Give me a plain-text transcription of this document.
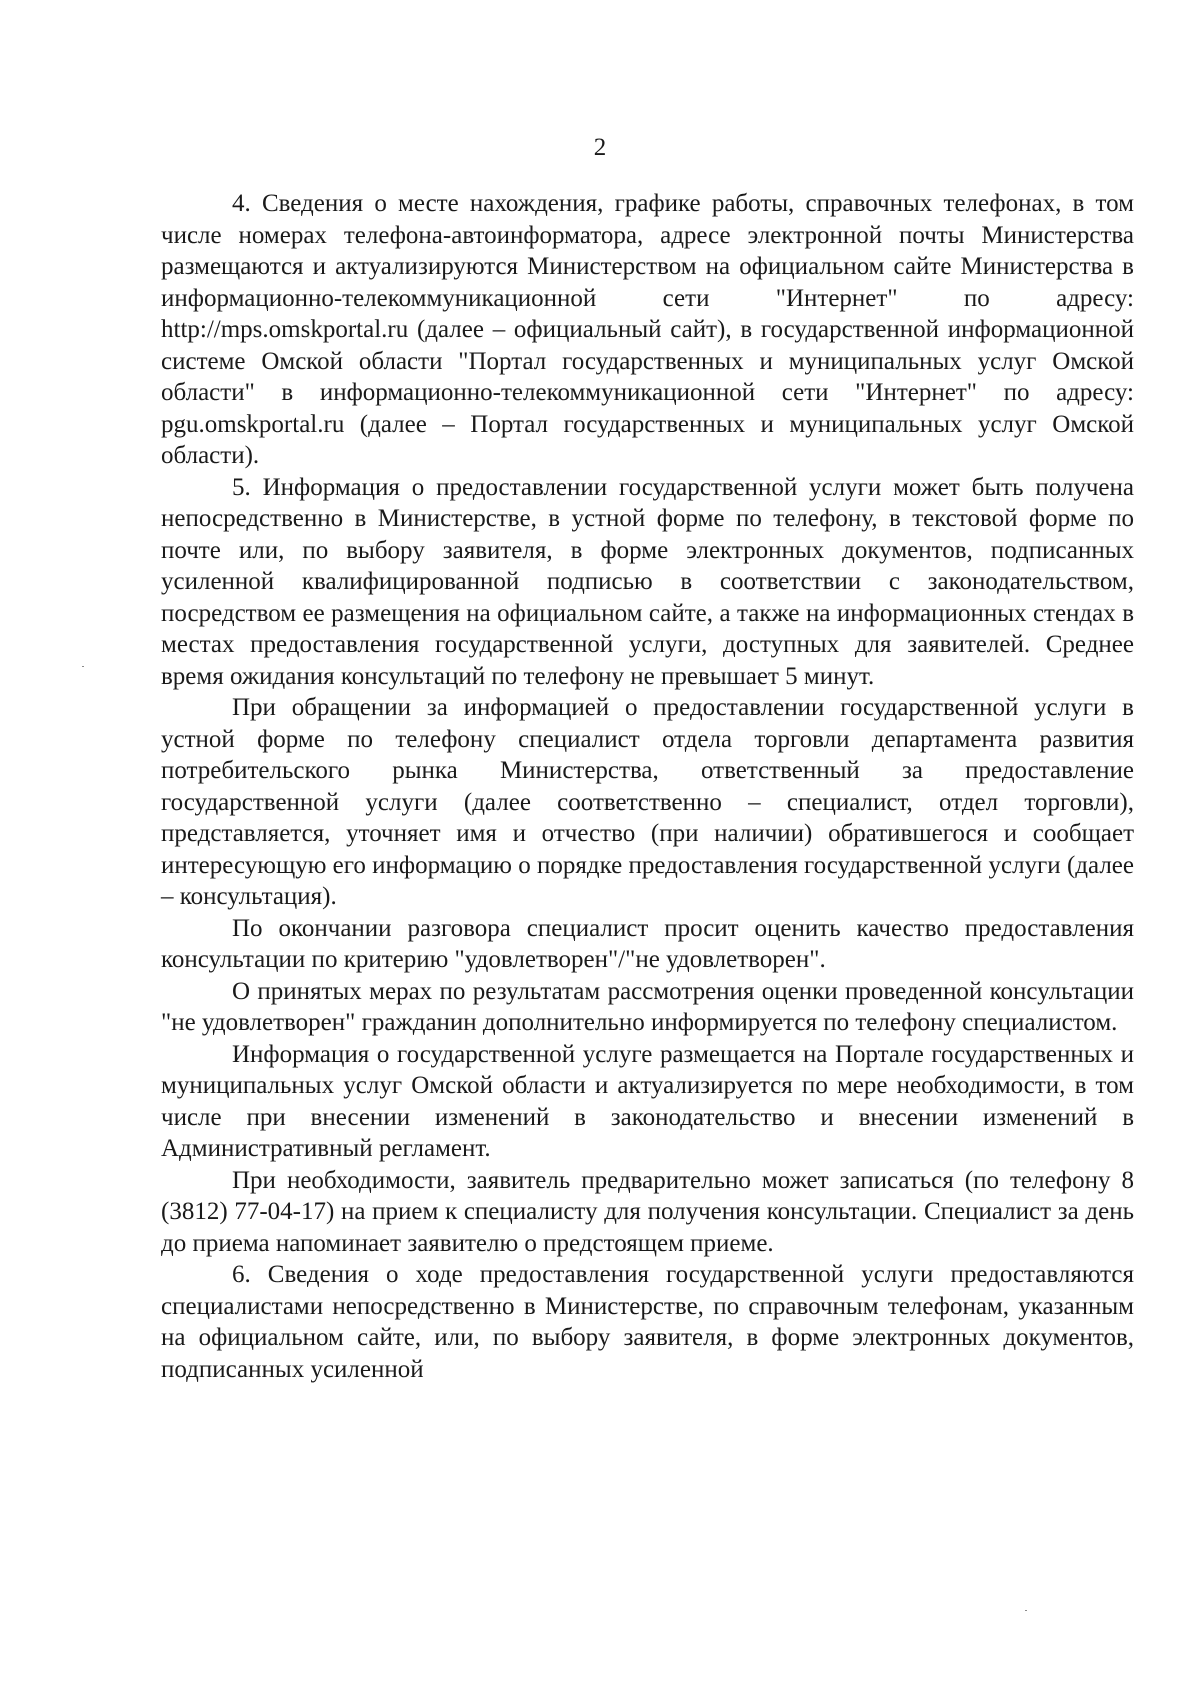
2

4. Сведения о месте нахождения, графике работы, справочных телефонах, в том числе номерах телефона-автоинформатора, адресе электронной почты Министерства размещаются и актуализируются Министерством на официальном сайте Министерства в информационно-телекоммуникационной сети "Интернет" по адресу: http://mps.omskportal.ru (далее – официальный сайт), в государственной информационной системе Омской области "Портал государственных и муниципальных услуг Омской области" в информационно-телекоммуникационной сети "Интернет" по адресу: pgu.omskportal.ru (далее – Портал государственных и муниципальных услуг Омской области).

5. Информация о предоставлении государственной услуги может быть получена непосредственно в Министерстве, в устной форме по телефону, в текстовой форме по почте или, по выбору заявителя, в форме электронных документов, подписанных усиленной квалифицированной подписью в соответствии с законодательством, посредством ее размещения на официальном сайте, а также на информационных стендах в местах предоставления государственной услуги, доступных для заявителей. Среднее время ожидания консультаций по телефону не превышает 5 минут.

При обращении за информацией о предоставлении государственной услуги в устной форме по телефону специалист отдела торговли департамента развития потребительского рынка Министерства, ответственный за предоставление государственной услуги (далее соответственно – специалист, отдел торговли), представляется, уточняет имя и отчество (при наличии) обратившегося и сообщает интересующую его информацию о порядке предоставления государственной услуги (далее – консультация).

По окончании разговора специалист просит оценить качество предоставления консультации по критерию "удовлетворен"/"не удовлетворен".

О принятых мерах по результатам рассмотрения оценки проведенной консультации "не удовлетворен" гражданин дополнительно информируется по телефону специалистом.

Информация о государственной услуге размещается на Портале государственных и муниципальных услуг Омской области и актуализируется по мере необходимости, в том числе при внесении изменений в законодательство и внесении изменений в Административный регламент.

При необходимости, заявитель предварительно может записаться (по телефону 8 (3812) 77-04-17) на прием к специалисту для получения консультации. Специалист за день до приема напоминает заявителю о предстоящем приеме.

6. Сведения о ходе предоставления государственной услуги предоставляются специалистами непосредственно в Министерстве, по справочным телефонам, указанным на официальном сайте, или, по выбору заявителя, в форме электронных документов, подписанных усиленной
